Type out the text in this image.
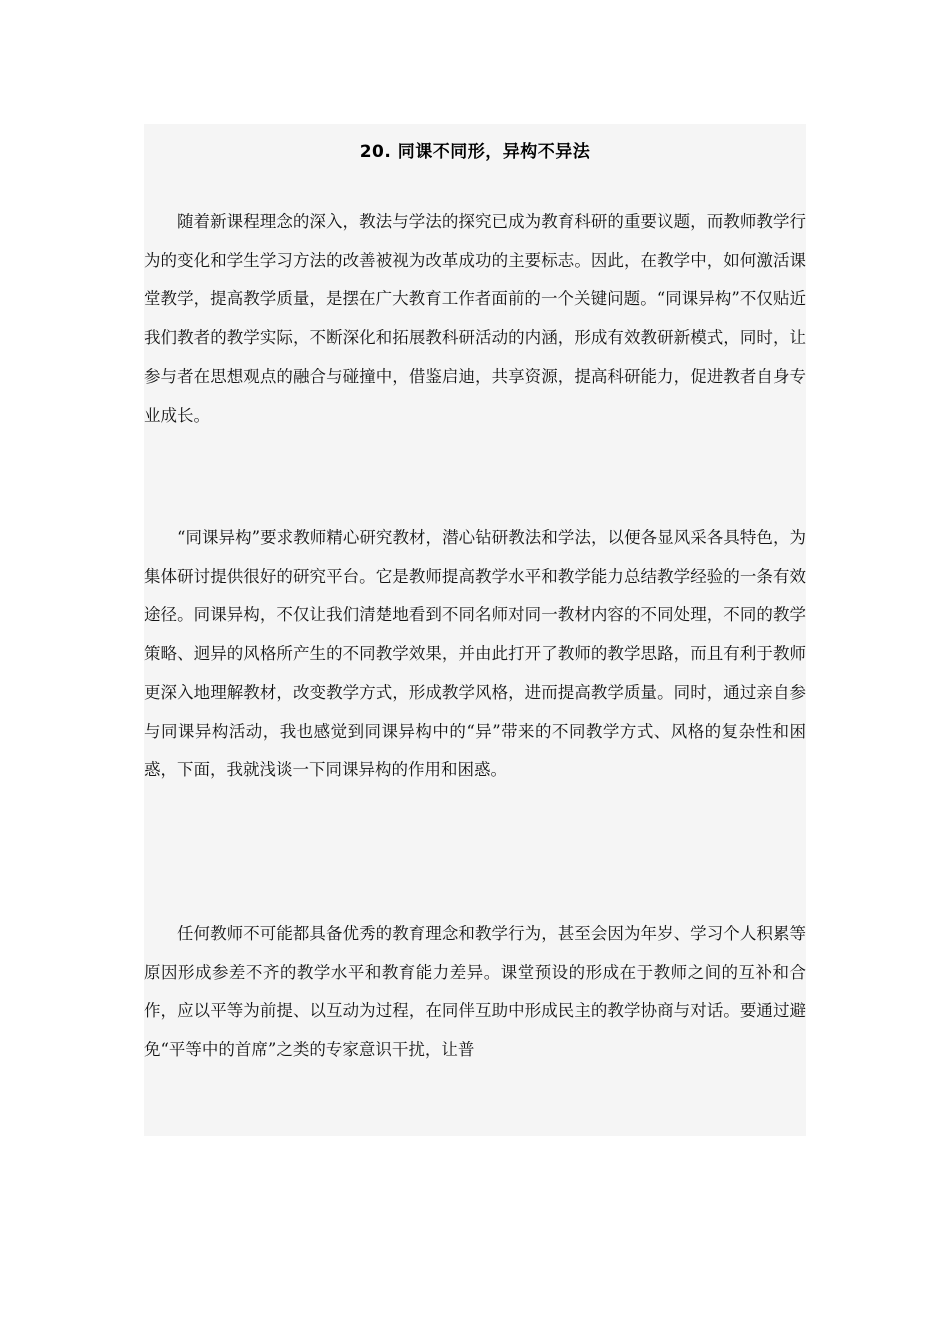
20. 同课不同形，异构不异法

随着新课程理念的深入，教法与学法的探究已成为教育科研的重要议题，而教师教学行为的变化和学生学习方法的改善被视为改革成功的主要标志。因此，在教学中，如何激活课堂教学，提高教学质量，是摆在广大教育工作者面前的一个关键问题。“同课异构”不仅贴近我们教者的教学实际，不断深化和拓展教科研活动的内涵，形成有效教研新模式，同时，让参与者在思想观点的融合与碰撞中，借鉴启迪，共享资源，提高科研能力，促进教者自身专业成长。

“同课异构”要求教师精心研究教材，潜心钻研教法和学法，以便各显风采各具特色，为集体研讨提供很好的研究平台。它是教师提高教学水平和教学能力总结教学经验的一条有效途径。同课异构，不仅让我们清楚地看到不同名师对同一教材内容的不同处理，不同的教学策略、迥异的风格所产生的不同教学效果，并由此打开了教师的教学思路，而且有利于教师更深入地理解教材，改变教学方式，形成教学风格，进而提高教学质量。同时，通过亲自参与同课异构活动，我也感觉到同课异构中的“异”带来的不同教学方式、风格的复杂性和困惑，下面，我就浅谈一下同课异构的作用和困惑。

任何教师不可能都具备优秀的教育理念和教学行为，甚至会因为年岁、学习个人积累等原因形成参差不齐的教学水平和教育能力差异。课堂预设的形成在于教师之间的互补和合作，应以平等为前提、以互动为过程，在同伴互助中形成民主的教学协商与对话。要通过避免“平等中的首席”之类的专家意识干扰，让普
